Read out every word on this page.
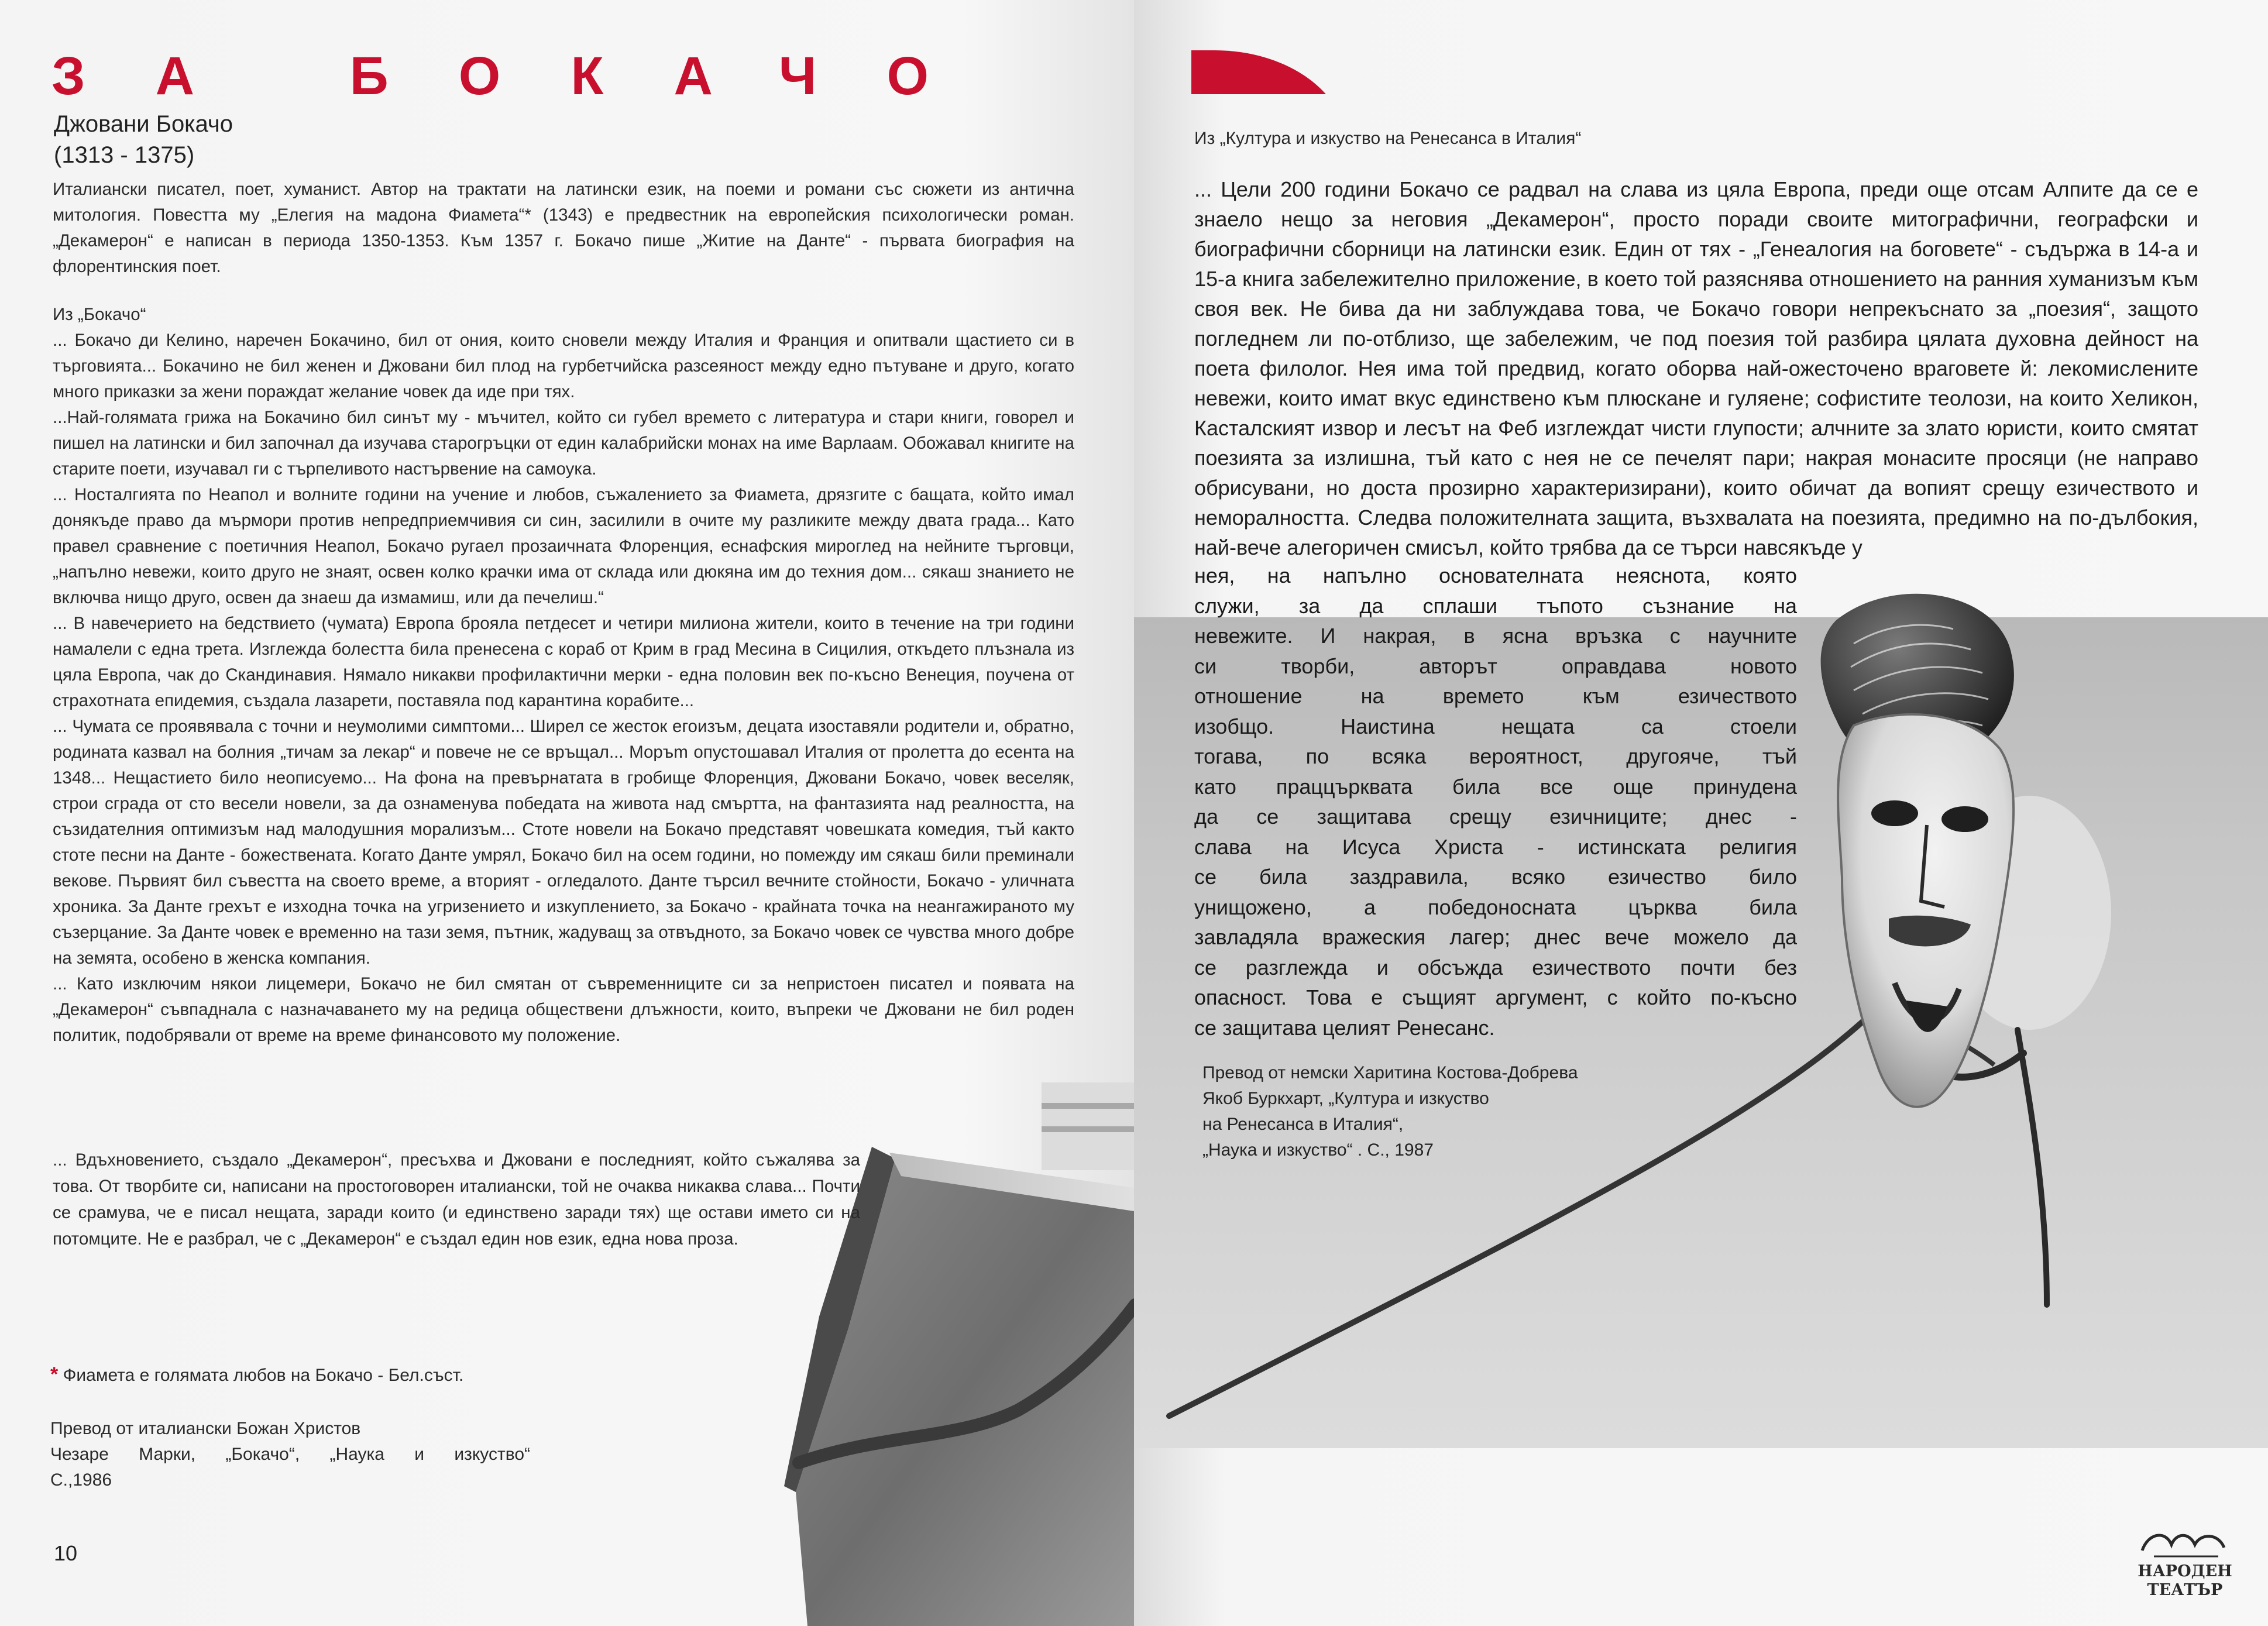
ЗА БОКАЧО
Джовани Бокачо
(1313 - 1375)
Италиански писател, поет, хуманист. Автор на трактати на латински език, на поеми и романи със сюжети из антична митология. Повестта му „Елегия на мадона Фиамета“* (1343) е предвестник на европейския психологически роман. „Декамерон“ е написан в периода 1350-1353. Към 1357 г. Бокачо пише „Житие на Данте“ - първата биография на флорентинския поет.

Из „Бокачо“

... Бокачо ди Келино, наречен Бокачино, бил от ония, които сновели между Италия и Франция и опитвали щастието си в търговията... Бокачино не бил женен и Джовани бил плод на гурбетчийска разсеяност между едно пътуване и друго, когато много приказки за жени пораждат желание човек да иде при тях.

...Най-голямата грижа на Бокачино бил синът му - мъчител, който си губел времето с литература и стари книги, говорел и пишел на латински и бил започнал да изучава старогръцки от един калабрийски монах на име Варлаам. Обожавал книгите на старите поети, изучавал ги с търпеливото настървение на самоука.

... Носталгията по Неапол и волните години на учение и любов, съжалението за Фиамета, дрязгите с бащата, който имал донякъде право да мърмори против непредприемчивия си син, засилили в очите му разликите между двата града... Като правел сравнение с поетичния Неапол, Бокачо ругаел прозаичната Флоренция, еснафския мироглед на нейните търговци, „напълно невежи, които друго не знаят, освен колко крачки има от склада или дюкяна им до техния дом... сякаш знанието не включва нищо друго, освен да знаеш да измамиш, или да печелиш.“

... В навечерието на бедствието (чумата) Европа брояла петдесет и четири милиона жители, които в течение на три години намалели с една трета. Изглежда болестта била пренесена с кораб от Крим в град Месина в Сицилия, откъдето плъзнала из цяла Европа, чак до Скандинавия. Нямало никакви профилактични мерки - една половин век по-късно Венеция, поучена от страхотната епидемия, създала лазарети, поставяла под карантина корабите...

... Чумата се проявявала с точни и неумолими симптоми... Ширел се жесток егоизъм, децата изоставяли родители и, обратно, родината казвал на болния „тичам за лекар“ и повече не се връщал... Моръm опустошавал Италия от пролетта до есента на 1348... Нещастието било неописуемо... На фона на превърнатата в гробище Флоренция, Джовани Бокачо, човек веселяк, строи сграда от сто весели новели, за да ознаменува победата на живота над смъртта, на фантазията над реалността, на съзидателния оптимизъм над малодушния морализъм... Стоте новели на Бокачо представят човешката комедия, тъй както стоте песни на Данте - божествената. Когато Данте умрял, Бокачо бил на осем години, но помежду им сякаш били преминали векове. Първият бил съвестта на своето време, а вторият - огледалото. Данте търсил вечните стойности, Бокачо - уличната хроника. За Данте грехът е изходна точка на угризението и изкуплението, за Бокачо - крайната точка на неангажираното му съзерцание. За Данте човек е временно на тази земя, пътник, жадуващ за отвъдното, за Бокачо човек се чувства много добре на земята, особено в женска компания.

... Като изключим някои лицемери, Бокачо не бил смятан от съвременниците си за непристоен писател и появата на „Декамерон“ съвпаднала с назначаването му на редица обществени длъжности, които, въпреки че Джовани не бил роден политик, подобрявали от време на време финансовото му положение.

... Вдъхновението, създало „Декамерон“, пресъхва и Джовани е последният, който съжалява за това. От творбите си, написани на простоговорен италиански, той не очаква никаква слава... Почти се срамува, че е писал нещата, заради които (и единствено заради тях) ще остави името си на потомците. Не е разбрал, че с „Декамерон“ е създал един нов език, една нова проза.
* Фиамета е голямата любов на Бокачо - Бел.съст.
Превод от италиански Божан Христов
Чезаре Марки, „Бокачо“, „Наука и изкуство“
С.,1986
10
Из „Култура и изкуство на Ренесанса в Италия“
... Цели 200 години Бокачо се радвал на слава из цяла Европа, преди още отсам Алпите да се е знаело нещо за неговия „Декамерон“, просто поради своите митографични, географски и биографични сборници на латински език. Един от тях - „Генеалогия на боговете“ - съдържа в 14-а и 15-а книга забележително приложение, в което той разяснява отношението на ранния хуманизъм към своя век. Не бива да ни заблуждава това, че Бокачо говори непрекъснато за „поезия“, защото погледнем ли по-отблизо, ще забележим, че под поезия той разбира цялата духовна дейност на поета филолог. Нея има той предвид, когато оборва най-ожесточено враговете й: лекомислените невежи, които имат вкус единствено към плюскане и гуляене; софистите теолози, на които Хеликон, Касталският извор и лесът на Феб изглеждат чисти глупости; алчните за злато юристи, които смятат поезията за излишна, тъй като с нея не се печелят пари; накрая монасите просяци (не направо обрисувани, но доста прозирно характеризирани), които обичат да вопият срещу езичеството и неморалността. Следва положителната защита, възхвалата на поезията, предимно на по-дълбокия, най-вече алегоричен смисъл, който трябва да се търси навсякъде у
нея, на напълно основателната неяснота, която
служи, за да сплаши тъпото съзнание на
невежите. И накрая, в ясна връзка с научните
си творби, авторът оправдава новото
отношение на времето към езичеството
изобщо. Наистина нещата са стоели
тогава, по всяка вероятност, другояче, тъй
като праццърквата била все още принудена
да се защитава срещу езичниците; днес -
слава на Исуса Христа - истинската религия
се била заздравила, всяко езичество било
унищожено, а победоносната църква била
завладяла вражеския лагер; днес вече можело да
се разглежда и обсъжда езичеството почти без
опасност. Това е същият аргумент, с който по-късно
се защитава целият Ренесанс.
Превод от немски Харитина Костова-Добрева
Якоб Буркхарт, „Култура и изкуство
на Ренесанса в Италия“,
„Наука и изкуство“ . С., 1987
НАРОДЕН
ТЕАТЪР
